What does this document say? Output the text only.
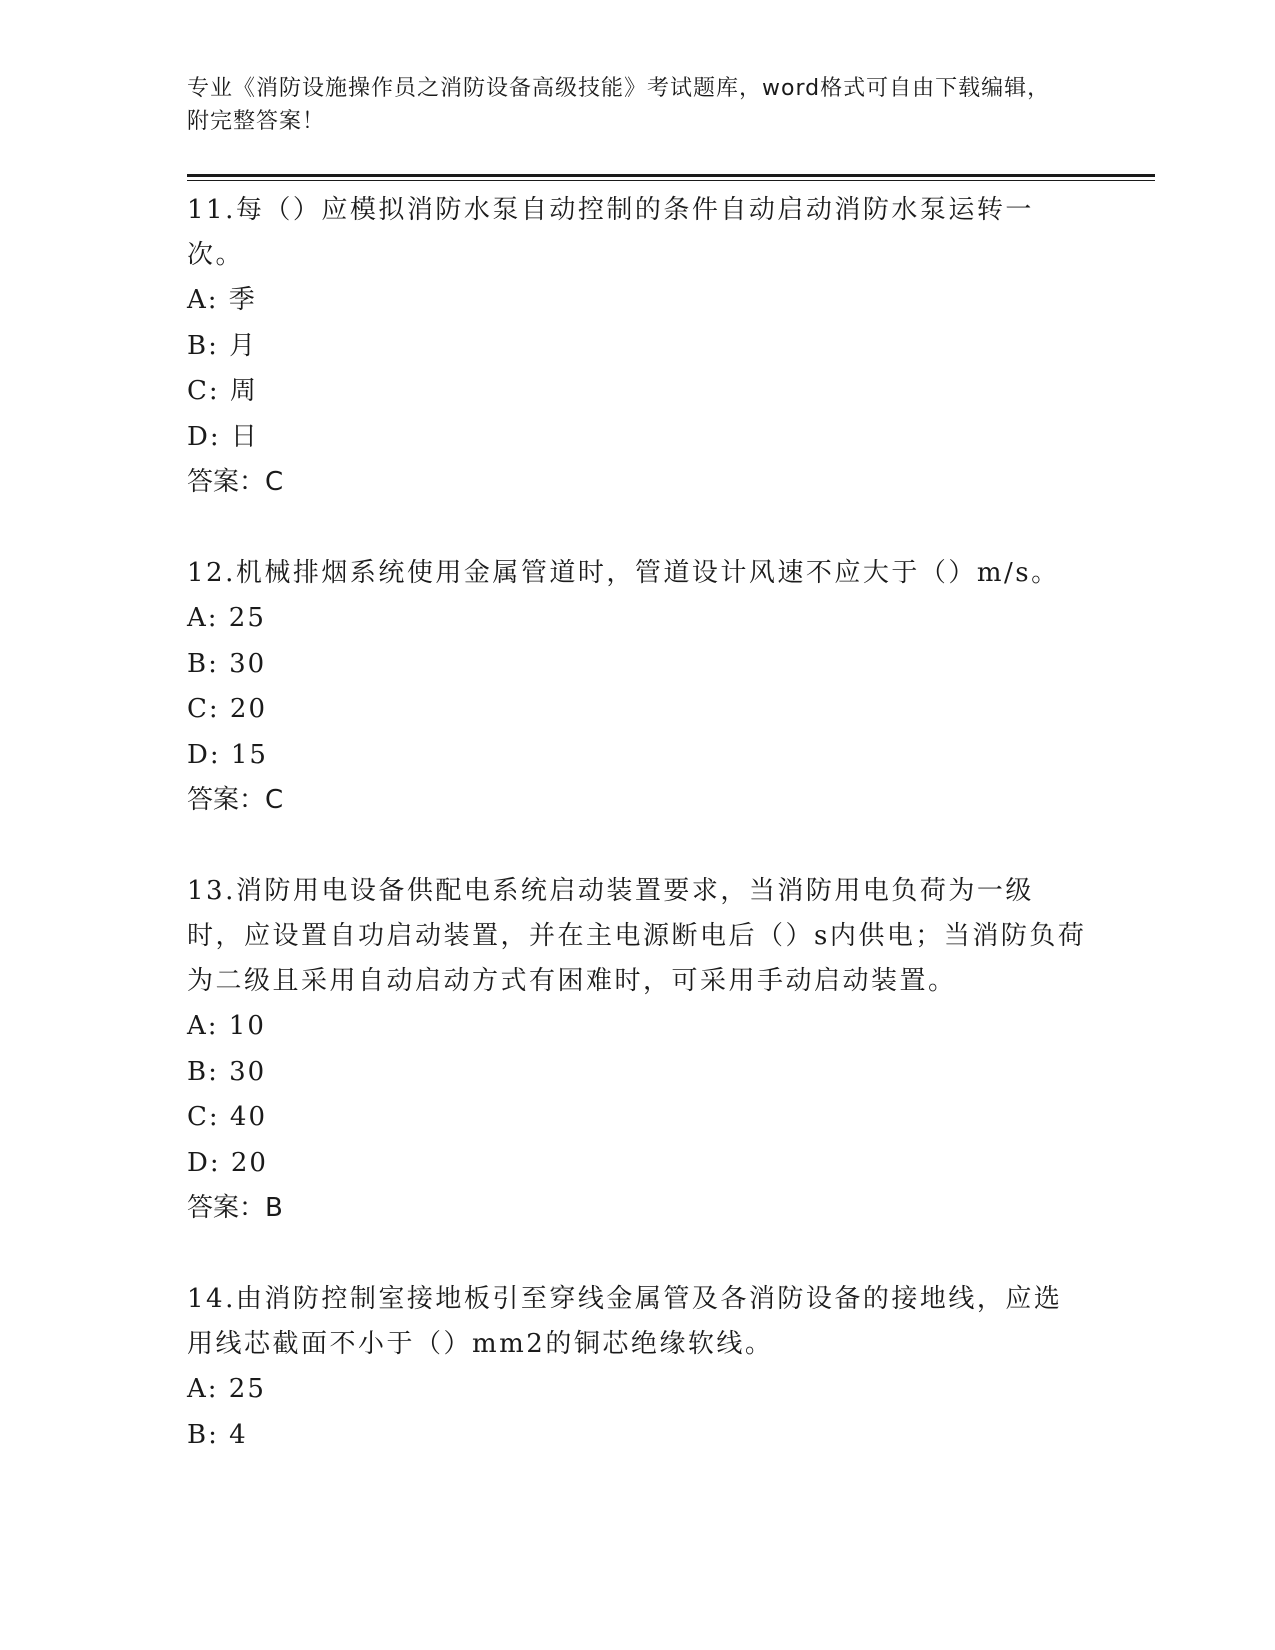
专业《消防设施操作员之消防设备高级技能》考试题库，word格式可自由下载编辑，附完整答案！

11.每（）应模拟消防水泵自动控制的条件自动启动消防水泵运转一次。

A: 季

B: 月

C: 周

D: 日

答案：C

12.机械排烟系统使用金属管道时，管道设计风速不应大于（）m/s。

A: 25

B: 30

C: 20

D: 15

答案：C

13.消防用电设备供配电系统启动装置要求，当消防用电负荷为一级时，应设置自功启动装置，并在主电源断电后（）s内供电；当消防负荷为二级且采用自动启动方式有困难时，可采用手动启动装置。

A: 10

B: 30

C: 40

D: 20

答案：B

14.由消防控制室接地板引至穿线金属管及各消防设备的接地线，应选用线芯截面不小于（）mm2的铜芯绝缘软线。

A: 25

B: 4
